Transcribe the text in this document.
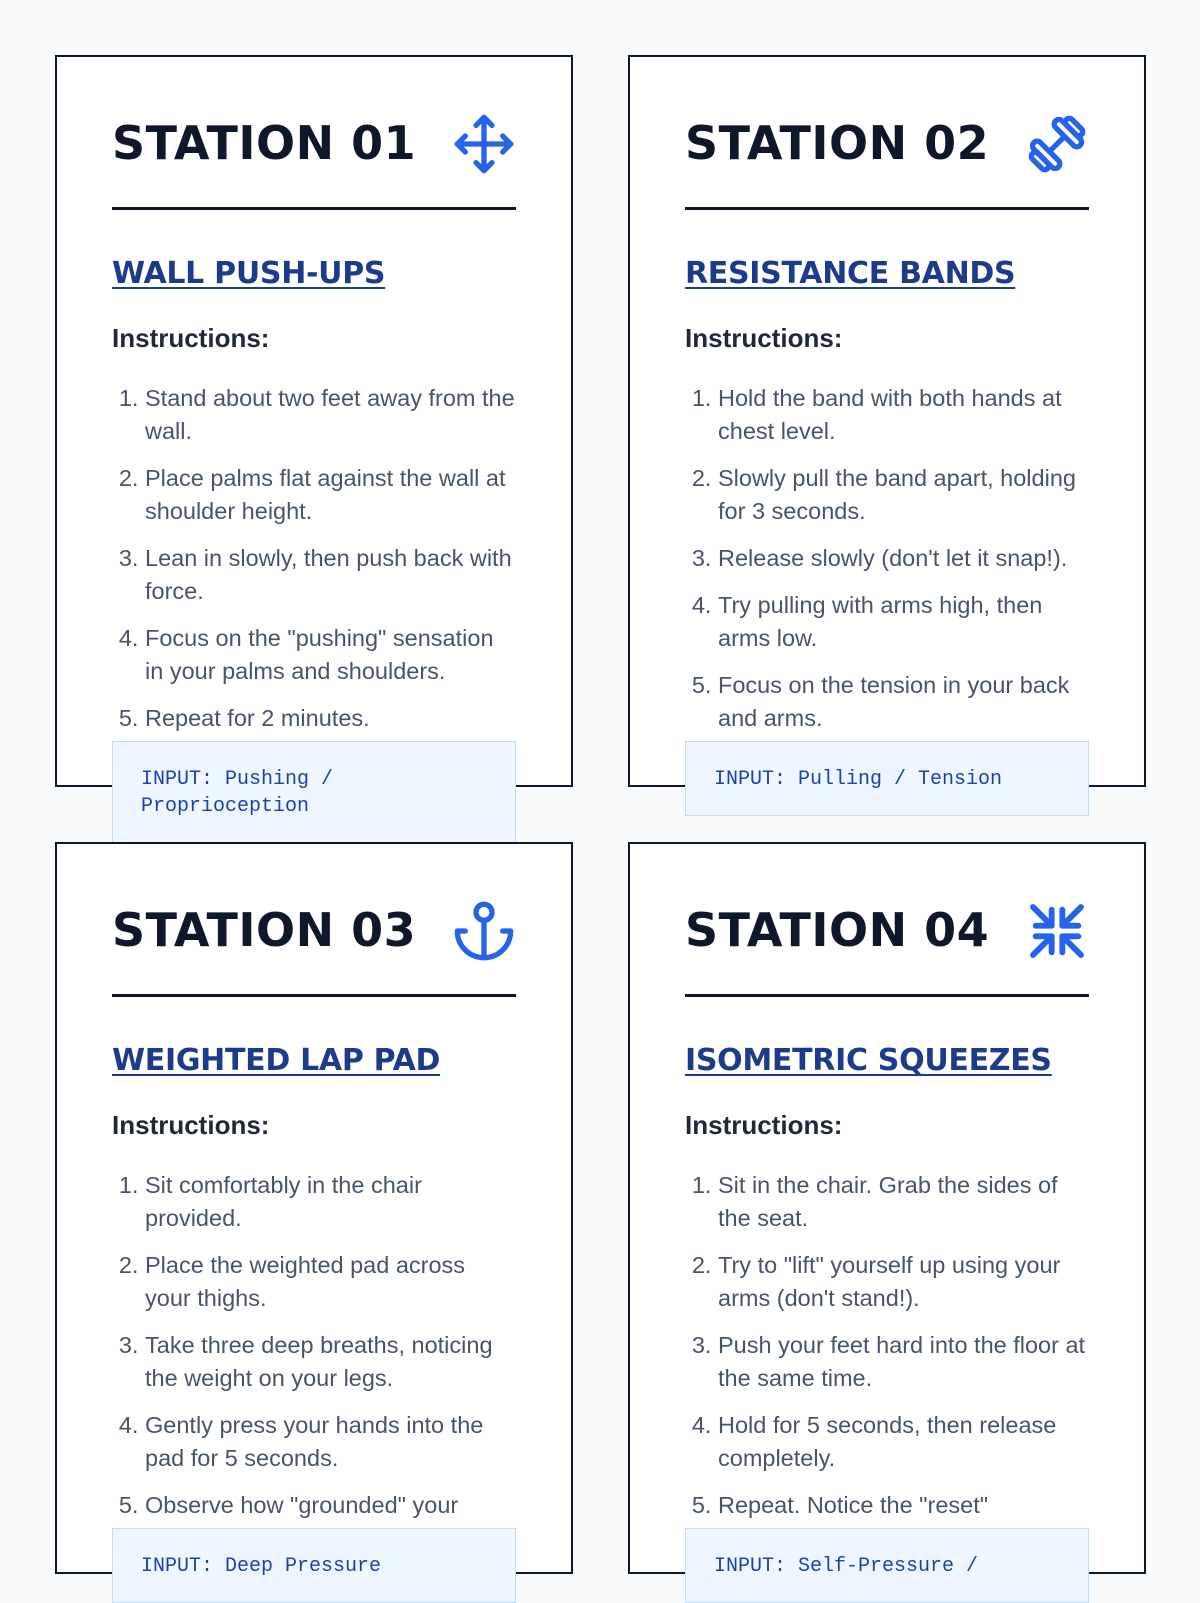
STATION 01
WALL PUSH-UPS
Instructions:
1. Stand about two feet away from the wall.
2. Place palms flat against the wall at shoulder height.
3. Lean in slowly, then push back with force.
4. Focus on the "pushing" sensation in your palms and shoulders.
5. Repeat for 2 minutes.
INPUT: Pushing / Proprioception
STATION 02
RESISTANCE BANDS
Instructions:
1. Hold the band with both hands at chest level.
2. Slowly pull the band apart, holding for 3 seconds.
3. Release slowly (don't let it snap!).
4. Try pulling with arms high, then arms low.
5. Focus on the tension in your back and arms.
INPUT: Pulling / Tension
STATION 03
WEIGHTED LAP PAD
Instructions:
1. Sit comfortably in the chair provided.
2. Place the weighted pad across your thighs.
3. Take three deep breaths, noticing the weight on your legs.
4. Gently press your hands into the pad for 5 seconds.
5. Observe how "grounded" your
INPUT: Deep Pressure
STATION 04
ISOMETRIC SQUEEZES
Instructions:
1. Sit in the chair. Grab the sides of the seat.
2. Try to "lift" yourself up using your arms (don't stand!).
3. Push your feet hard into the floor at the same time.
4. Hold for 5 seconds, then release completely.
5. Repeat. Notice the "reset"
INPUT: Self-Pressure /
